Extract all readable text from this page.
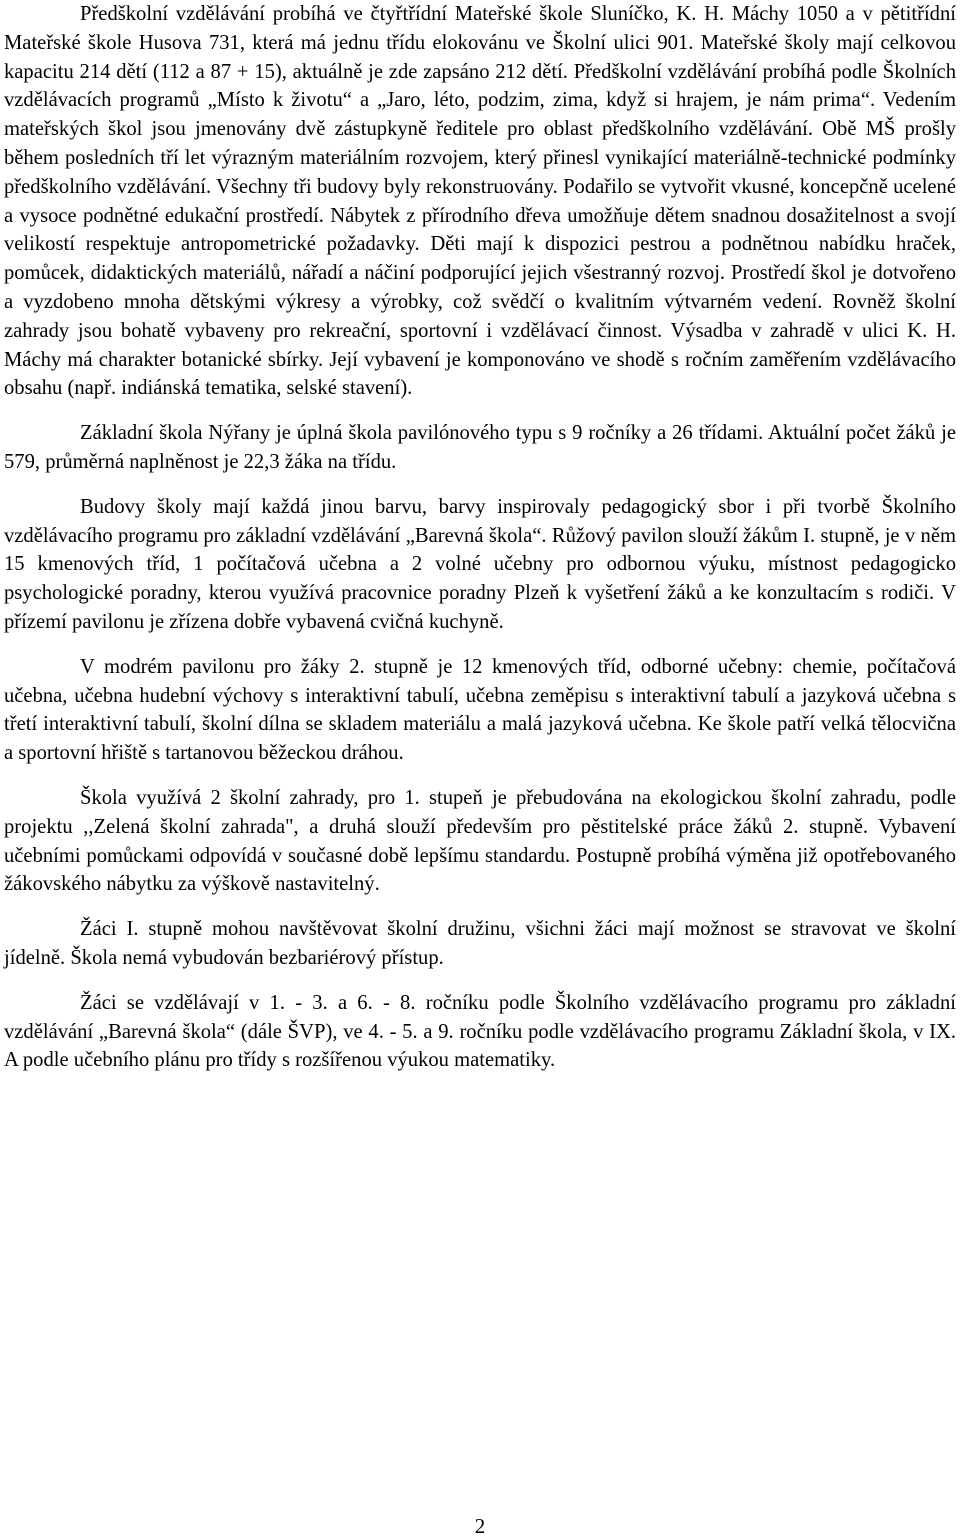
Předškolní vzdělávání probíhá ve čtyřtřídní Mateřské škole Sluníčko, K. H. Máchy 1050 a v pětitřídní Mateřské škole Husova 731, která má jednu třídu elokovánu ve Školní ulici 901. Mateřské školy mají celkovou kapacitu 214 dětí (112 a 87 + 15), aktuálně je zde zapsáno 212 dětí. Předškolní vzdělávání probíhá podle Školních vzdělávacích programů „Místo k životu“ a „Jaro, léto, podzim, zima, když si hrajem, je nám prima“. Vedením mateřských škol jsou jmenovány dvě zástupkyně ředitele pro oblast předškolního vzdělávání. Obě MŠ prošly během posledních tří let výrazným materiálním rozvojem, který přinesl vynikající materiálně-technické podmínky předškolního vzdělávání. Všechny tři budovy byly rekonstruovány. Podařilo se vytvořit vkusné, koncepčně ucelené a vysoce podnětné edukační prostředí. Nábytek z přírodního dřeva umožňuje dětem snadnou dosažitelnost a svojí velikostí respektuje antropometrické požadavky. Děti mají k dispozici pestrou a podnětnou nabídku hraček, pomůcek, didaktických materiálů, nářadí a náčiní podporující jejich všestranný rozvoj. Prostředí škol je dotvořeno a vyzdobeno mnoha dětskými výkresy a výrobky, což svědčí o kvalitním výtvarném vedení. Rovněž školní zahrady jsou bohatě vybaveny pro rekreační, sportovní i vzdělávací činnost. Výsadba v zahradě v ulici K. H. Máchy má charakter botanické sbírky. Její vybavení je komponováno ve shodě s ročním zaměřením vzdělávacího obsahu (např. indiánská tematika, selské stavení).

Základní škola Nýřany je úplná škola pavilónového typu s 9 ročníky a 26 třídami. Aktuální počet žáků je 579, průměrná naplněnost je 22,3 žáka na třídu.

Budovy školy mají každá jinou barvu, barvy inspirovaly pedagogický sbor i při tvorbě Školního vzdělávacího programu pro základní vzdělávání „Barevná škola“. Růžový pavilon slouží žákům I. stupně, je v něm 15 kmenových tříd, 1 počítačová učebna a 2 volné učebny pro odbornou výuku, místnost pedagogicko psychologické poradny, kterou využívá pracovnice poradny Plzeň k vyšetření žáků a ke konzultacím s rodiči. V přízemí pavilonu je zřízena dobře vybavená cvičná kuchyně.

V modrém pavilonu pro žáky 2. stupně je 12 kmenových tříd, odborné učebny: chemie, počítačová učebna, učebna hudební výchovy s interaktivní tabulí, učebna zeměpisu s interaktivní tabulí a jazyková učebna s třetí interaktivní tabulí, školní dílna se skladem materiálu a malá jazyková učebna. Ke škole patří velká tělocvična a sportovní hřiště s tartanovou běžeckou dráhou.

Škola využívá 2 školní zahrady, pro 1. stupeň je přebudována na ekologickou školní zahradu, podle projektu ,,Zelená školní zahrada", a druhá slouží především pro pěstitelské práce žáků 2. stupně. Vybavení učebními pomůckami odpovídá v současné době lepšímu standardu. Postupně probíhá výměna již opotřebovaného žákovského nábytku za výškově nastavitelný.

Žáci I. stupně mohou navštěvovat školní družinu, všichni žáci mají možnost se stravovat ve školní jídelně. Škola nemá vybudován bezbariérový přístup.

Žáci se vzdělávají v 1. - 3. a 6. - 8. ročníku podle Školního vzdělávacího programu pro základní vzdělávání „Barevná škola“ (dále ŠVP), ve 4. - 5. a 9. ročníku podle vzdělávacího programu Základní škola, v IX. A podle učebního plánu pro třídy s rozšířenou výukou matematiky.

2
